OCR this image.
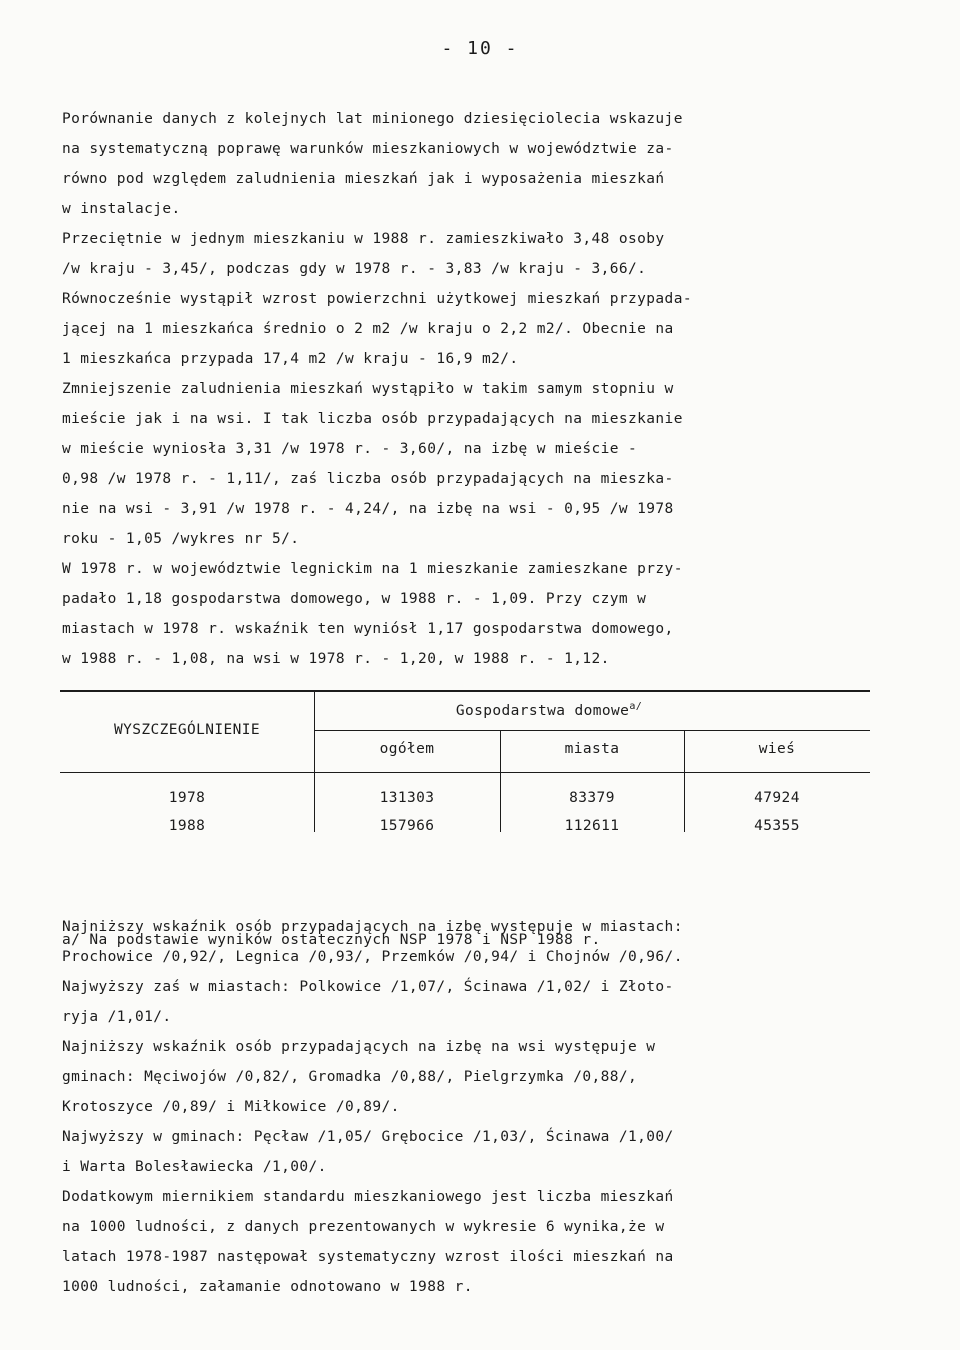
- 10 -
Porównanie danych z kolejnych lat minionego dziesięciolecia wskazuje
na systematyczną poprawę warunków mieszkaniowych w województwie za-
równo pod względem zaludnienia mieszkań jak i wyposażenia mieszkań
w instalacje.
Przeciętnie w jednym mieszkaniu w 1988 r. zamieszkiwało 3,48 osoby
/w kraju - 3,45/, podczas gdy w 1978 r. - 3,83 /w kraju - 3,66/.
Równocześnie wystąpił wzrost powierzchni użytkowej mieszkań przypada-
jącej na 1 mieszkańca średnio o 2 m2 /w kraju o 2,2 m2/. Obecnie na
1 mieszkańca przypada 17,4 m2 /w kraju - 16,9 m2/.
Zmniejszenie zaludnienia mieszkań wystąpiło w takim samym stopniu w
mieście jak i na wsi. I tak liczba osób przypadających na mieszkanie
w mieście wyniosła 3,31 /w 1978 r. - 3,60/, na izbę w mieście -
0,98 /w 1978 r. - 1,11/, zaś liczba osób przypadających na mieszka-
nie na wsi - 3,91 /w 1978 r. - 4,24/, na izbę na wsi - 0,95 /w 1978
roku - 1,05 /wykres nr 5/.
W 1978 r. w województwie legnickim na 1 mieszkanie zamieszkane przy-
padało 1,18 gospodarstwa domowego, w 1988 r. - 1,09. Przy czym w
miastach w 1978 r. wskaźnik ten wyniósł 1,17 gospodarstwa domowego,
w 1988 r. - 1,08, na wsi w 1978 r. - 1,20, w 1988 r. - 1,12.
WYSZCZEGÓLNIENIE
Gospodarstwa domowe$^{a/}$
ogółem	miasta	wieś
1978	131303	83379	47924
1988	157966	112611	45355

a/ Na podstawie wyników ostatecznych NSP 1978 i NSP 1988 r.

Najniższy wskaźnik osób przypadających na izbę występuje w miastach:
Prochowice /0,92/, Legnica /0,93/, Przemków /0,94/ i Chojnów /0,96/.
Najwyższy zaś w miastach: Polkowice /1,07/, Ścinawa /1,02/ i Złoto-
ryja /1,01/.
Najniższy wskaźnik osób przypadających na izbę na wsi występuje w
gminach: Męciwojów /0,82/, Gromadka /0,88/, Pielgrzymka /0,88/,
Krotoszyce /0,89/ i Miłkowice /0,89/.
Najwyższy w gminach: Pęcław /1,05/ Grębocice /1,03/, Ścinawa /1,00/
i Warta Bolesławiecka /1,00/.
Dodatkowym miernikiem standardu mieszkaniowego jest liczba mieszkań
na 1000 ludności, z danych prezentowanych w wykresie 6 wynika,że w
latach 1978-1987 następował systematyczny wzrost ilości mieszkań na
1000 ludności, załamanie odnotowano w 1988 r.
